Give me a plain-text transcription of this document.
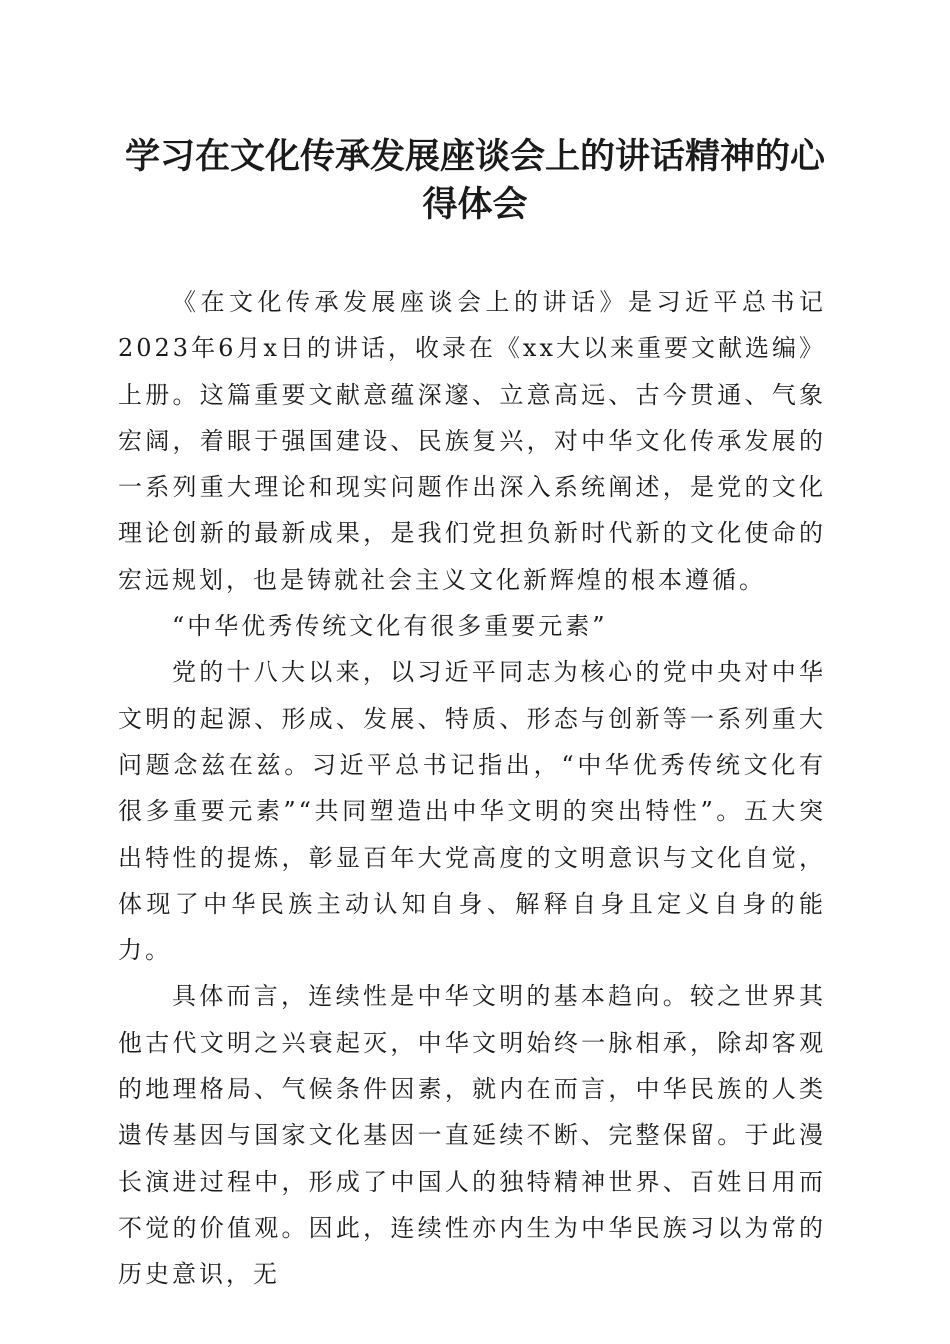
学习在文化传承发展座谈会上的讲话精神的心得体会

《在文化传承发展座谈会上的讲话》是习近平总书记2023年6月x日的讲话，收录在《xx大以来重要文献选编》上册。这篇重要文献意蕴深邃、立意高远、古今贯通、气象宏阔，着眼于强国建设、民族复兴，对中华文化传承发展的一系列重大理论和现实问题作出深入系统阐述，是党的文化理论创新的最新成果，是我们党担负新时代新的文化使命的宏远规划，也是铸就社会主义文化新辉煌的根本遵循。

“中华优秀传统文化有很多重要元素”

党的十八大以来，以习近平同志为核心的党中央对中华文明的起源、形成、发展、特质、形态与创新等一系列重大问题念兹在兹。习近平总书记指出，“中华优秀传统文化有很多重要元素”“共同塑造出中华文明的突出特性”。五大突出特性的提炼，彰显百年大党高度的文明意识与文化自觉，体现了中华民族主动认知自身、解释自身且定义自身的能力。

具体而言，连续性是中华文明的基本趋向。较之世界其他古代文明之兴衰起灭，中华文明始终一脉相承，除却客观的地理格局、气候条件因素，就内在而言，中华民族的人类遗传基因与国家文化基因一直延续不断、完整保留。于此漫长演进过程中，形成了中国人的独特精神世界、百姓日用而不觉的价值观。因此，连续性亦内生为中华民族习以为常的历史意识，无
